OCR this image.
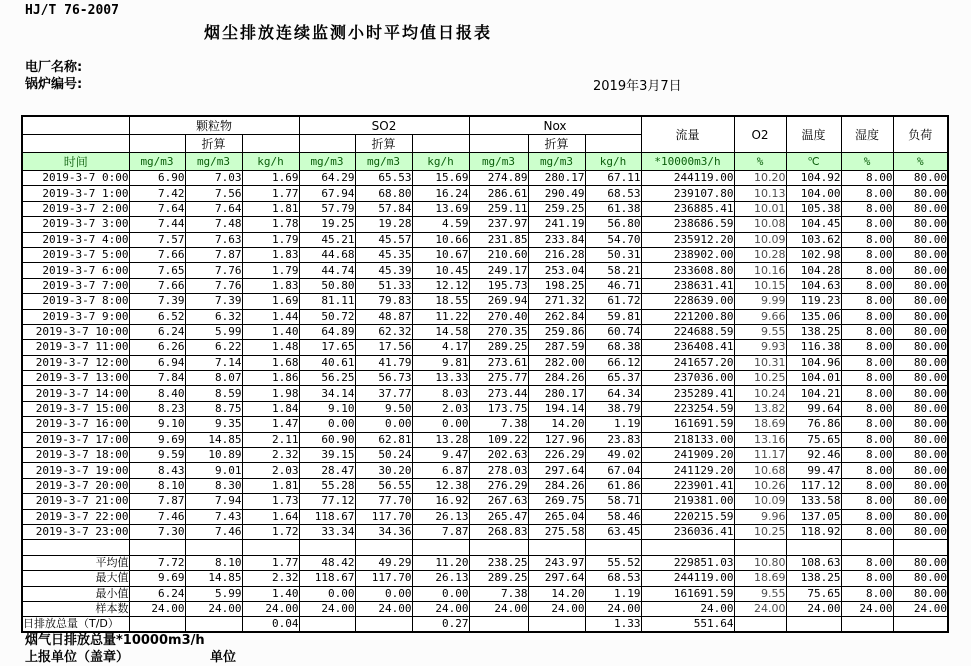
HJ/T 76-2007
烟尘排放连续监测小时平均值日报表
电厂名称:
锅炉编号:	2019年3月7日
	颗粒物			SO2			Nox			流量	O2	温度	湿度	负荷
		折算			折算			折算						
时间	mg/m3	mg/m3	kg/h	mg/m3	mg/m3	kg/h	mg/m3	mg/m3	kg/h	*10000m3/h	%	℃	%	%
2019-3-7 0:00	6.90	7.03	1.69	64.29	65.53	15.69	274.89	280.17	67.11	244119.00	10.20	104.92	8.00	80.00
2019-3-7 1:00	7.42	7.56	1.77	67.94	68.80	16.24	286.61	290.49	68.53	239107.80	10.13	104.00	8.00	80.00
2019-3-7 2:00	7.64	7.64	1.81	57.79	57.84	13.69	259.11	259.25	61.38	236885.41	10.01	105.38	8.00	80.00
2019-3-7 3:00	7.44	7.48	1.78	19.25	19.28	4.59	237.97	241.19	56.80	238686.59	10.08	104.45	8.00	80.00
2019-3-7 4:00	7.57	7.63	1.79	45.21	45.57	10.66	231.85	233.84	54.70	235912.20	10.09	103.62	8.00	80.00
2019-3-7 5:00	7.66	7.87	1.83	44.68	45.35	10.67	210.60	216.28	50.31	238902.00	10.28	102.98	8.00	80.00
2019-3-7 6:00	7.65	7.76	1.79	44.74	45.39	10.45	249.17	253.04	58.21	233608.80	10.16	104.28	8.00	80.00
2019-3-7 7:00	7.66	7.76	1.83	50.80	51.33	12.12	195.73	198.25	46.71	238631.41	10.15	104.63	8.00	80.00
2019-3-7 8:00	7.39	7.39	1.69	81.11	79.83	18.55	269.94	271.32	61.72	228639.00	9.99	119.23	8.00	80.00
2019-3-7 9:00	6.52	6.32	1.44	50.72	48.87	11.22	270.40	262.84	59.81	221200.80	9.66	135.06	8.00	80.00
2019-3-7 10:00	6.24	5.99	1.40	64.89	62.32	14.58	270.35	259.86	60.74	224688.59	9.55	138.25	8.00	80.00
2019-3-7 11:00	6.26	6.22	1.48	17.65	17.56	4.17	289.25	287.59	68.38	236408.41	9.93	116.38	8.00	80.00
2019-3-7 12:00	6.94	7.14	1.68	40.61	41.79	9.81	273.61	282.00	66.12	241657.20	10.31	104.96	8.00	80.00
2019-3-7 13:00	7.84	8.07	1.86	56.25	56.73	13.33	275.77	284.26	65.37	237036.00	10.25	104.01	8.00	80.00
2019-3-7 14:00	8.40	8.59	1.98	34.14	37.77	8.03	273.44	280.17	64.34	235289.41	10.24	104.21	8.00	80.00
2019-3-7 15:00	8.23	8.75	1.84	9.10	9.50	2.03	173.75	194.14	38.79	223254.59	13.82	99.64	8.00	80.00
2019-3-7 16:00	9.10	9.35	1.47	0.00	0.00	0.00	7.38	14.20	1.19	161691.59	18.69	76.86	8.00	80.00
2019-3-7 17:00	9.69	14.85	2.11	60.90	62.81	13.28	109.22	127.96	23.83	218133.00	13.16	75.65	8.00	80.00
2019-3-7 18:00	9.59	10.89	2.32	39.15	50.24	9.47	202.63	226.29	49.02	241909.20	11.17	92.46	8.00	80.00
2019-3-7 19:00	8.43	9.01	2.03	28.47	30.20	6.87	278.03	297.64	67.04	241129.20	10.68	99.47	8.00	80.00
2019-3-7 20:00	8.10	8.30	1.81	55.28	56.55	12.38	276.29	284.26	61.86	223901.41	10.26	117.12	8.00	80.00
2019-3-7 21:00	7.87	7.94	1.73	77.12	77.70	16.92	267.63	269.75	58.71	219381.00	10.09	133.58	8.00	80.00
2019-3-7 22:00	7.46	7.43	1.64	118.67	117.70	26.13	265.47	265.04	58.46	220215.59	9.96	137.05	8.00	80.00
2019-3-7 23:00	7.30	7.46	1.72	33.34	34.36	7.87	268.83	275.58	63.45	236036.41	10.25	118.92	8.00	80.00

平均值	7.72	8.10	1.77	48.42	49.29	11.20	238.25	243.97	55.52	229851.03	10.80	108.63	8.00	80.00
最大值	9.69	14.85	2.32	118.67	117.70	26.13	289.25	297.64	68.53	244119.00	18.69	138.25	8.00	80.00
最小值	6.24	5.99	1.40	0.00	0.00	0.00	7.38	14.20	1.19	161691.59	9.55	75.65	8.00	80.00
样本数	24.00	24.00	24.00	24.00	24.00	24.00	24.00	24.00	24.00	24.00	24.00	24.00	24.00	24.00
日排放总量（T/D）			0.04			0.27			1.33	551.64				
烟气日排放总量*10000m3/h
上报单位（盖章）	单位
